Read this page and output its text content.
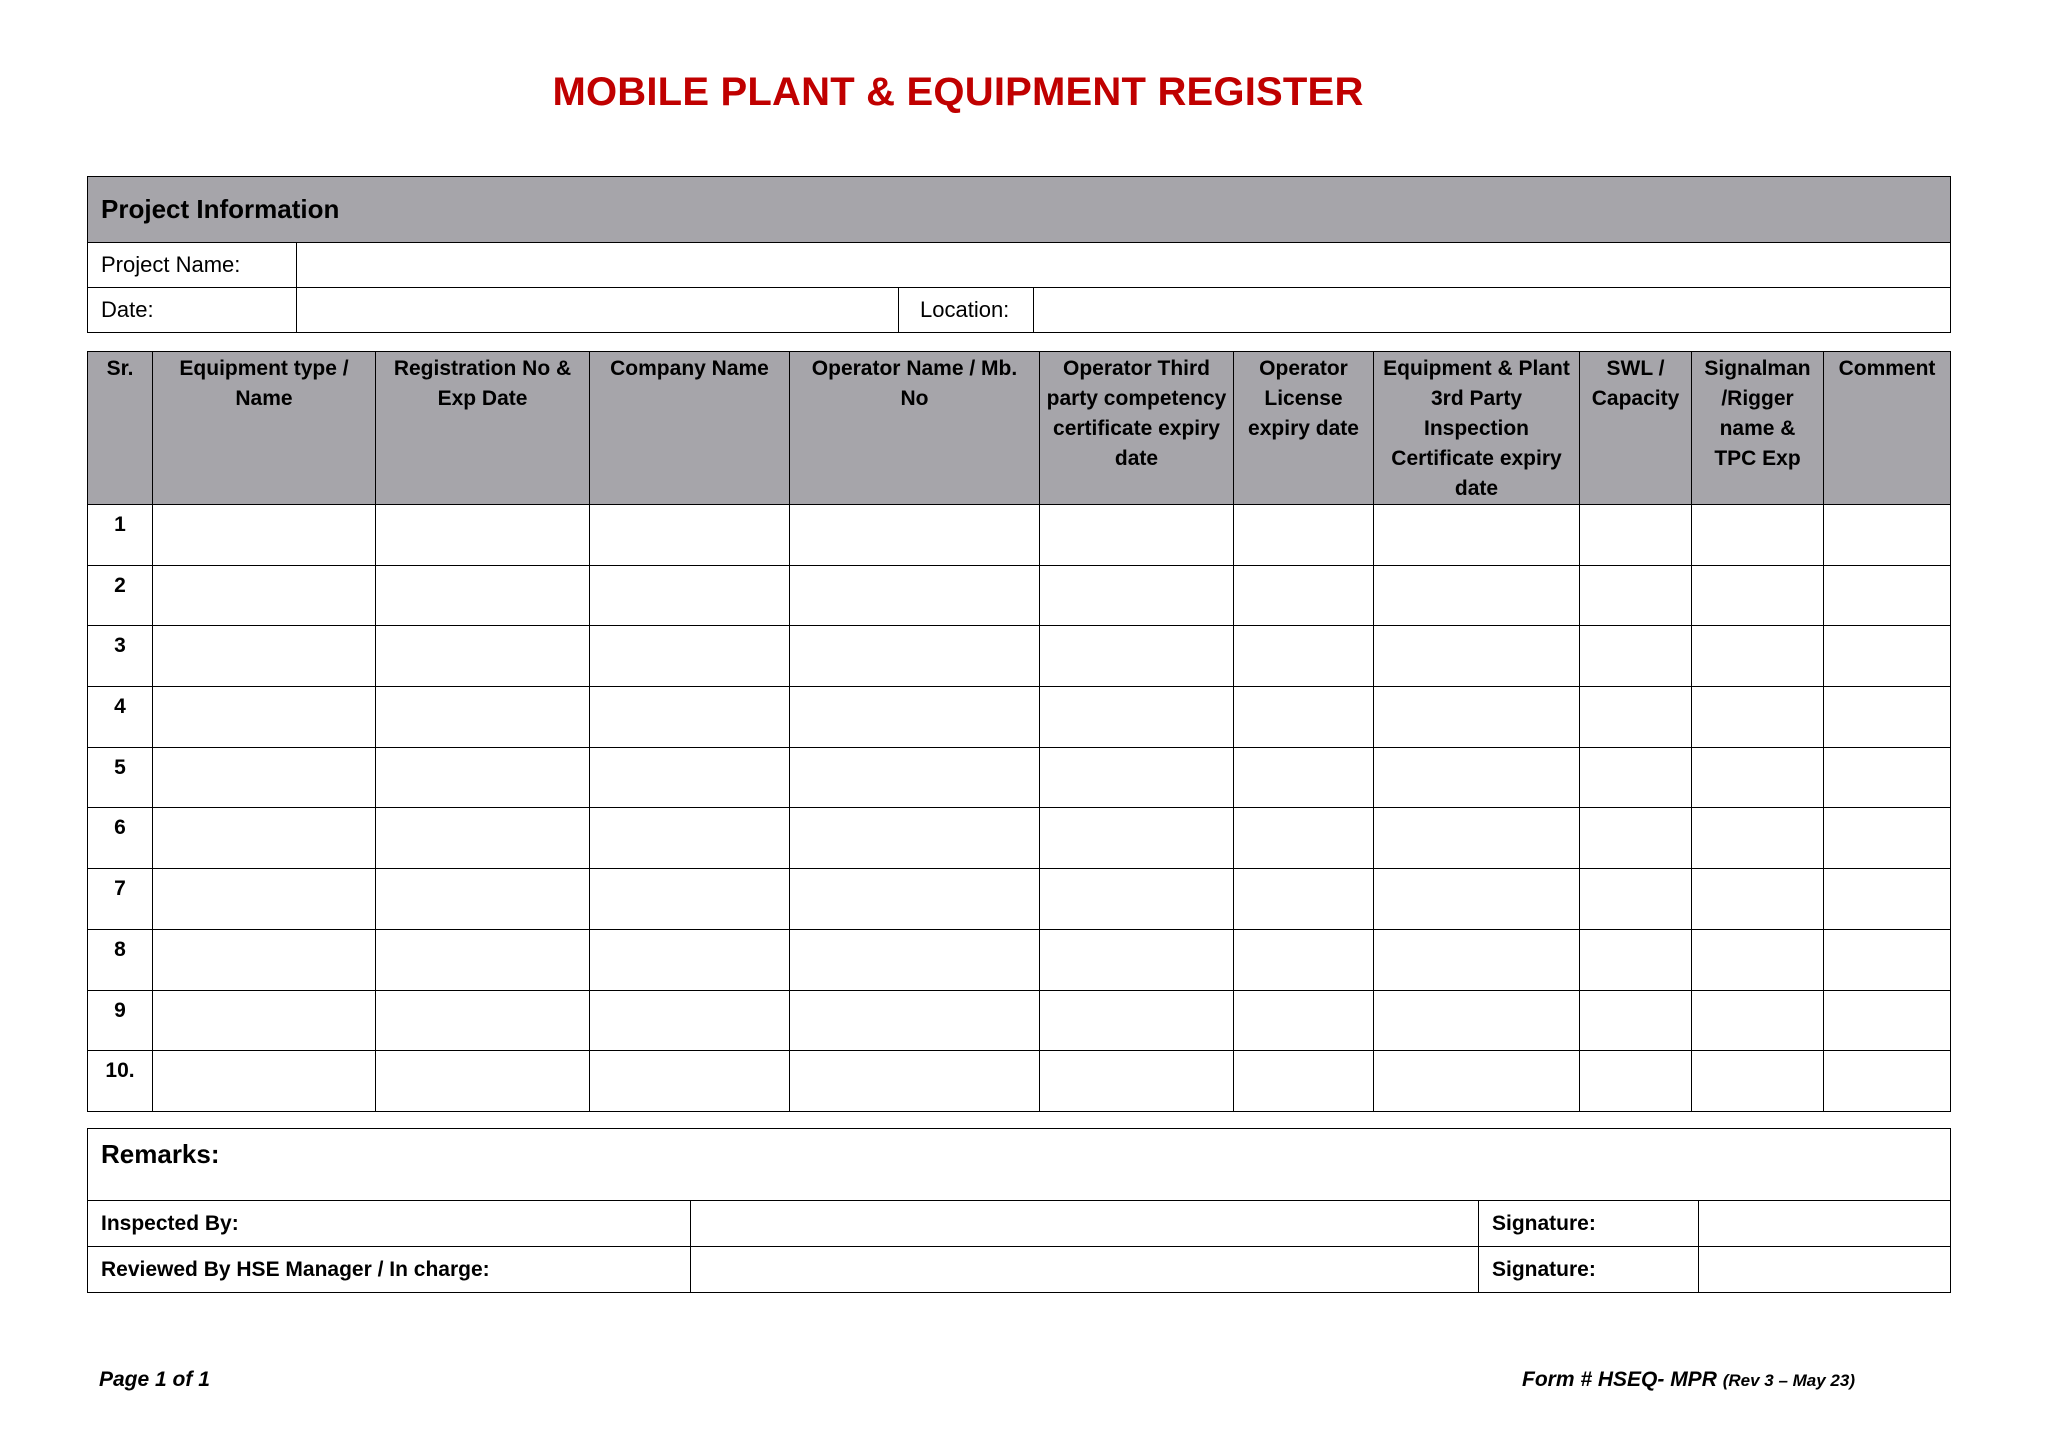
MOBILE PLANT & EQUIPMENT REGISTER
Project Information			
Project Name:			
Date:		Location:	
Sr.	Equipment type / Name	Registration No & Exp Date	Company Name	Operator Name / Mb. No	Operator Third party competency certificate expiry date	Operator License expiry date	Equipment & Plant 3rd Party Inspection Certificate expiry date	SWL / Capacity	Signalman /Rigger name & TPC Exp	Comment
1										
2										
3										
4										
5										
6										
7										
8										
9										
10.										
Remarks:			
Inspected By:		Signature:	
Reviewed By HSE Manager / In charge:		Signature:	
Page 1 of 1	Form # HSEQ- MPR (Rev 3 – May 23)
